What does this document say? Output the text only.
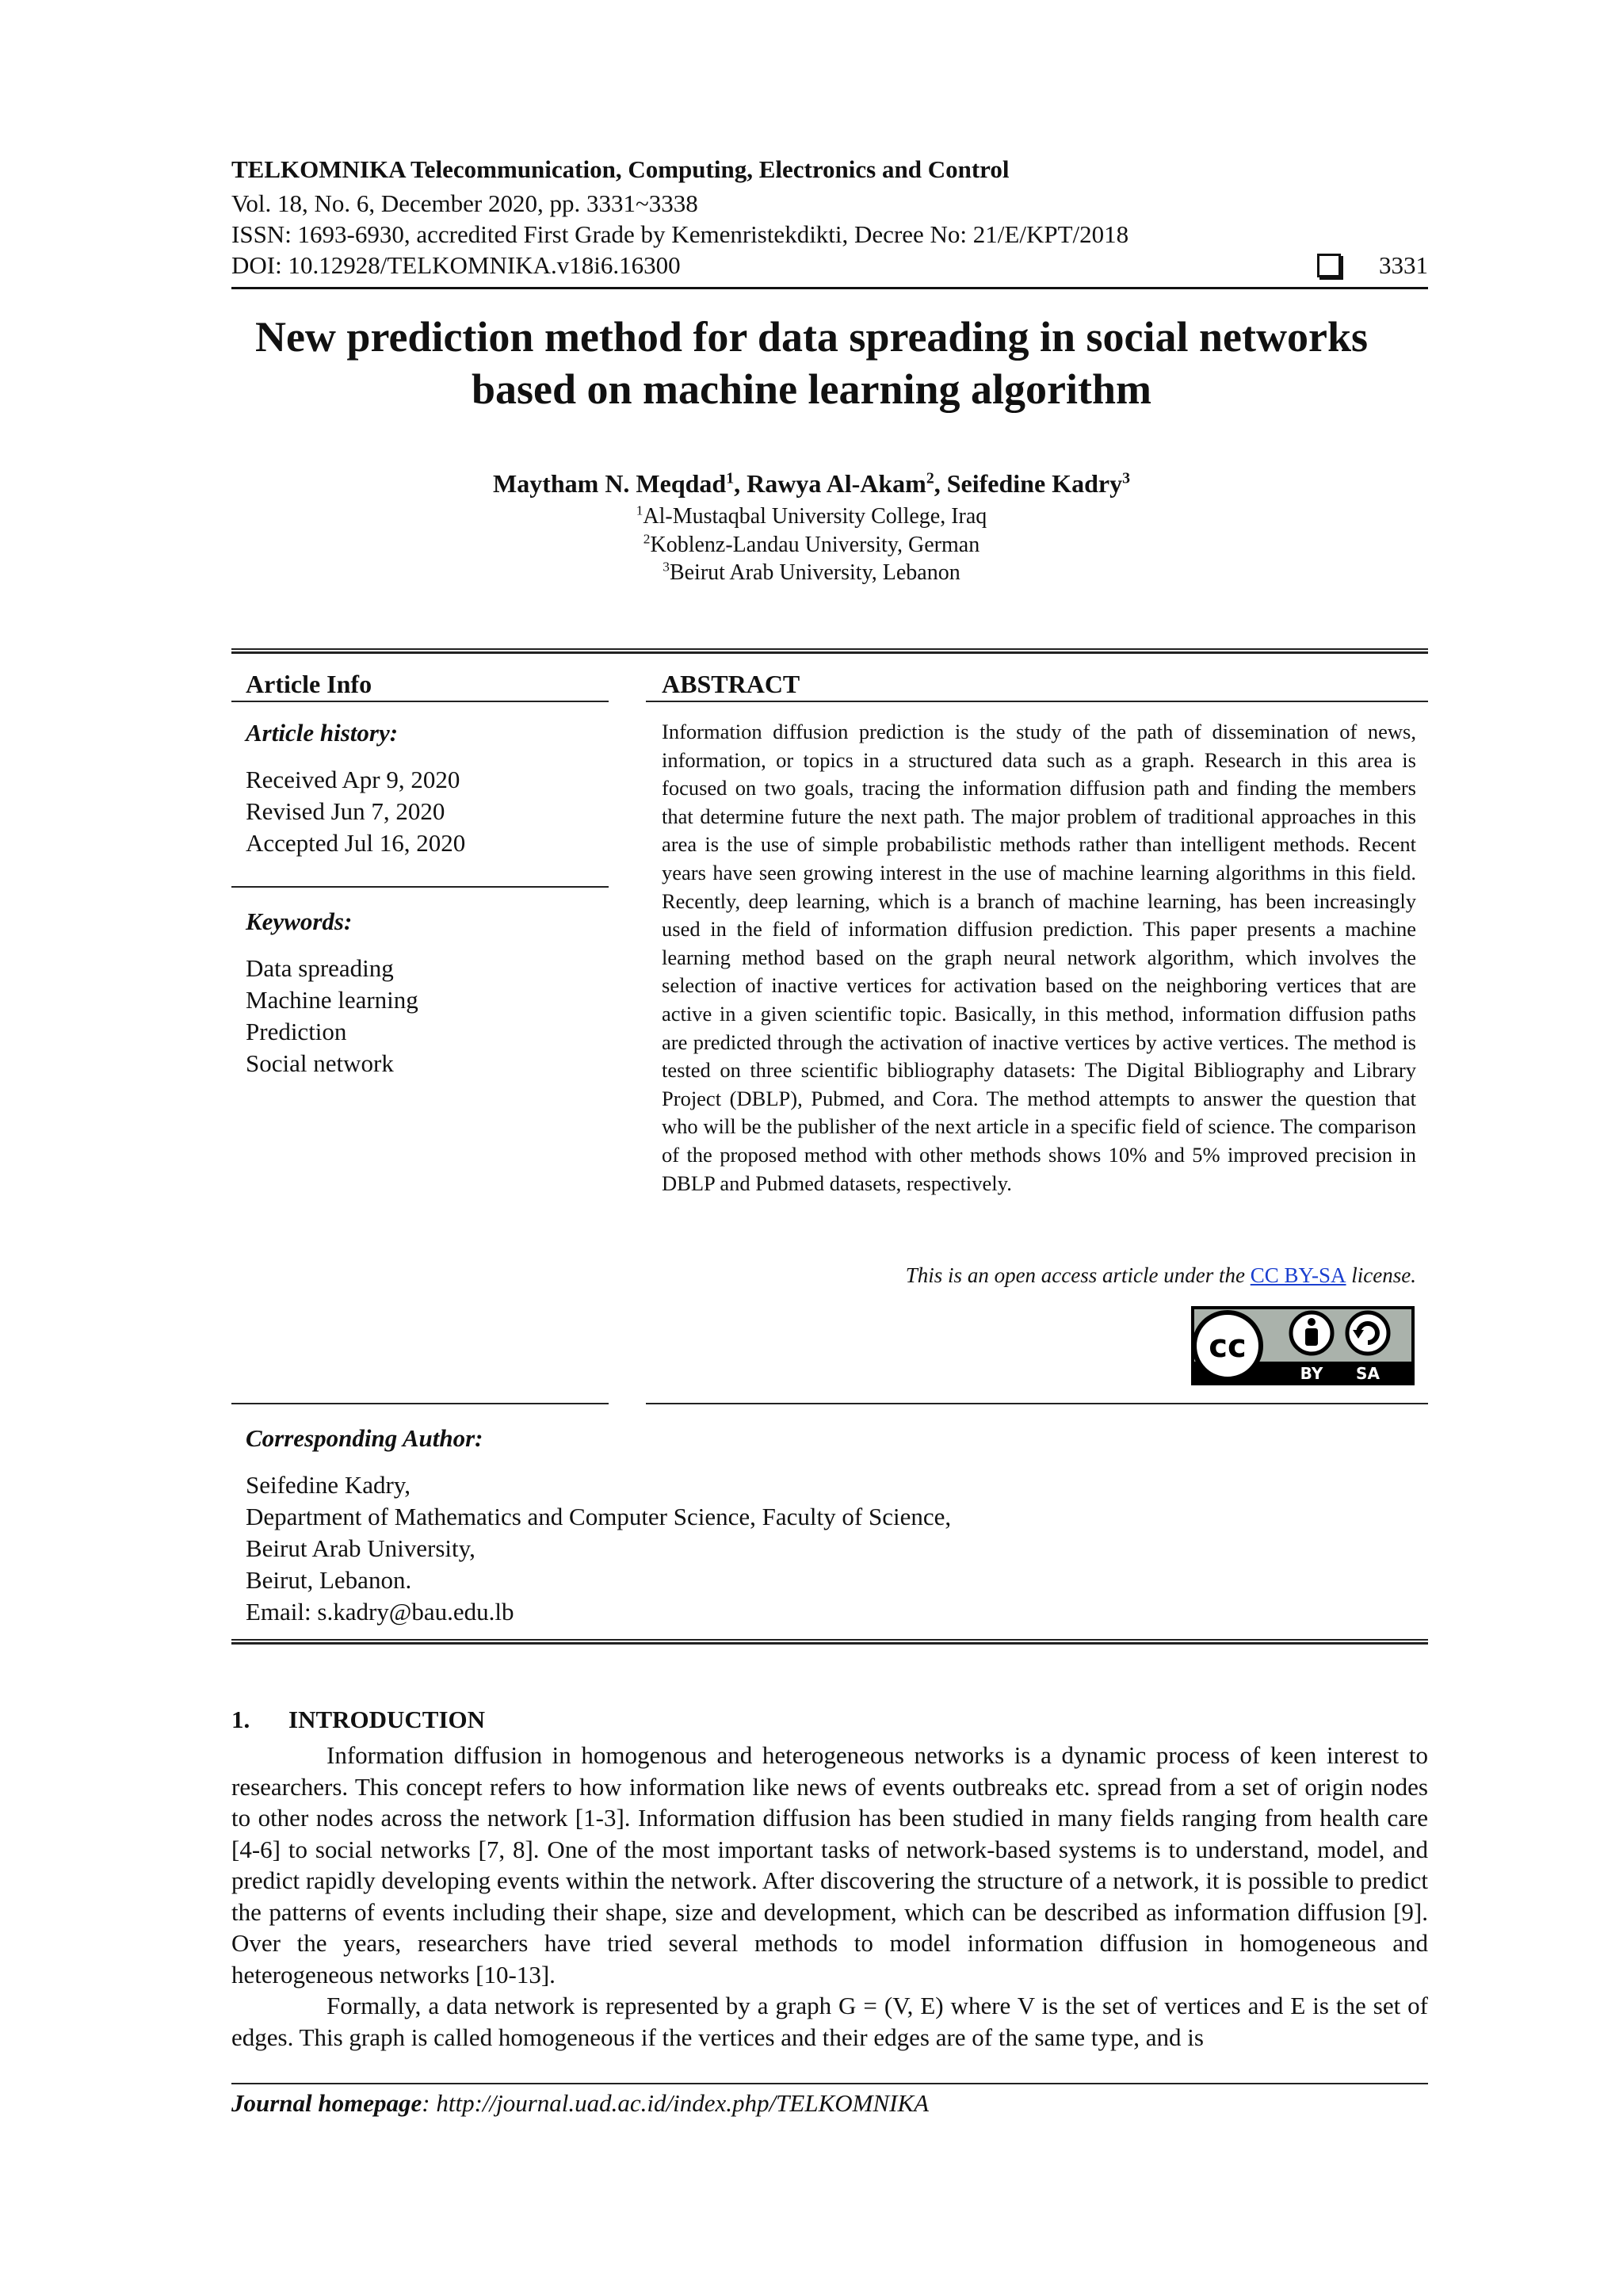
TELKOMNIKA Telecommunication, Computing, Electronics and Control
Vol. 18, No. 6, December 2020, pp. 3331~3338
ISSN: 1693-6930, accredited First Grade by Kemenristekdikti, Decree No: 21/E/KPT/2018
DOI: 10.12928/TELKOMNIKA.v18i6.16300	3331
New prediction method for data spreading in social networks
based on machine learning algorithm
Maytham N. Meqdad$^1$, Rawya Al-Akam$^2$, Seifedine Kadry$^3$
$^1$Al-Mustaqbal University College, Iraq
$^2$Koblenz-Landau University, German
$^3$Beirut Arab University, Lebanon
Article Info
Article history:
Received Apr 9, 2020
Revised Jun 7, 2020
Accepted Jul 16, 2020
Keywords:
Data spreading
Machine learning
Prediction
Social network
ABSTRACT
Information diffusion prediction is the study of the path of dissemination of news, information, or topics in a structured data such as a graph. Research in this area is focused on two goals, tracing the information diffusion path and finding the members that determine future the next path. The major problem of traditional approaches in this area is the use of simple probabilistic methods rather than intelligent methods. Recent years have seen growing interest in the use of machine learning algorithms in this field. Recently, deep learning, which is a branch of machine learning, has been increasingly used in the field of information diffusion prediction. This paper presents a machine learning method based on the graph neural network algorithm, which involves the selection of inactive vertices for activation based on the neighboring vertices that are active in a given scientific topic. Basically, in this method, information diffusion paths are predicted through the activation of inactive vertices by active vertices. The method is tested on three scientific bibliography datasets: The Digital Bibliography and Library Project (DBLP), Pubmed, and Cora. The method attempts to answer the question that who will be the publisher of the next article in a specific field of science. The comparison of the proposed method with other methods shows 10% and 5% improved precision in DBLP and Pubmed datasets, respectively.
This is an open access article under the CC BY-SA license.
cc
BY SA
Corresponding Author:
Seifedine Kadry,
Department of Mathematics and Computer Science, Faculty of Science,
Beirut Arab University,
Beirut, Lebanon.
Email: s.kadry@bau.edu.lb
1. INTRODUCTION

Information diffusion in homogenous and heterogeneous networks is a dynamic process of keen interest to researchers. This concept refers to how information like news of events outbreaks etc. spread from a set of origin nodes to other nodes across the network [1-3]. Information diffusion has been studied in many fields ranging from health care [4-6] to social networks [7, 8]. One of the most important tasks of network-based systems is to understand, model, and predict rapidly developing events within the network. After discovering the structure of a network, it is possible to predict the patterns of events including their shape, size and development, which can be described as information diffusion [9]. Over the years, researchers have tried several methods to model information diffusion in homogeneous and heterogeneous networks [10-13].

Formally, a data network is represented by a graph G = (V, E) where V is the set of vertices and E is the set of edges. This graph is called homogeneous if the vertices and their edges are of the same type, and is

Journal homepage: http://journal.uad.ac.id/index.php/TELKOMNIKA
